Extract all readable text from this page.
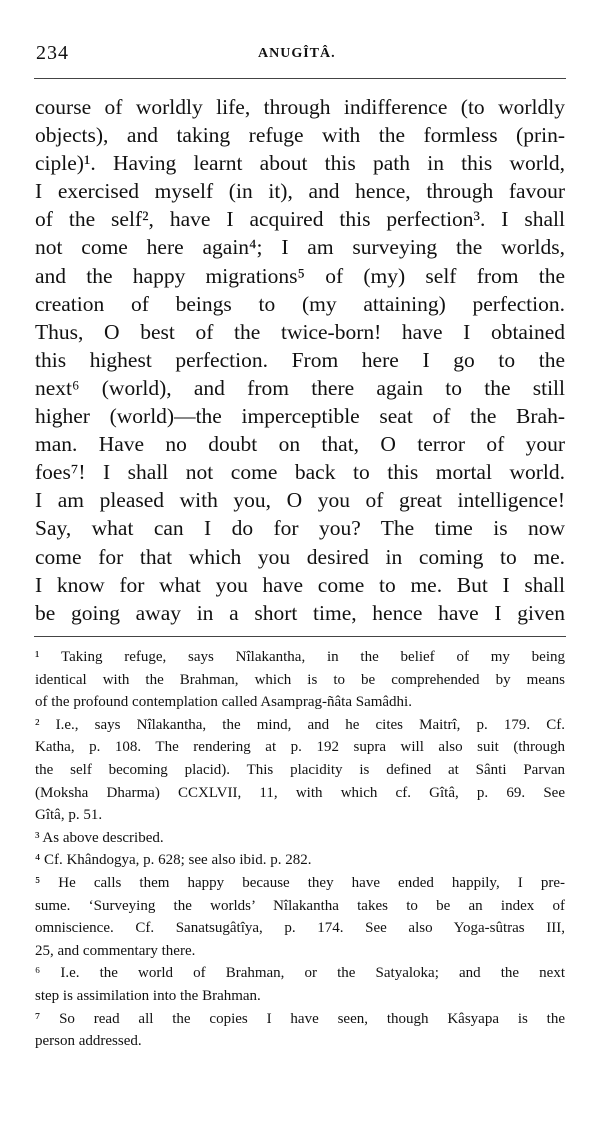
234	ANUGÎTÂ.
course of worldly life, through indifference (to worldly
objects), and taking refuge with the formless (prin-
ciple)¹. Having learnt about this path in this world,
I exercised myself (in it), and hence, through favour
of the self², have I acquired this perfection³. I shall
not come here again⁴; I am surveying the worlds,
and the happy migrations⁵ of (my) self from the
creation of beings to (my attaining) perfection.
Thus, O best of the twice-born! have I obtained
this highest perfection. From here I go to the
next⁶ (world), and from there again to the still
higher (world)—the imperceptible seat of the Brah-
man. Have no doubt on that, O terror of your
foes⁷! I shall not come back to this mortal world.
I am pleased with you, O you of great intelligence!
Say, what can I do for you? The time is now
come for that which you desired in coming to me.
I know for what you have come to me. But I shall
be going away in a short time, hence have I given
¹ Taking refuge, says Nîlakantha, in the belief of my being
identical with the Brahman, which is to be comprehended by means
of the profound contemplation called Asamprag-ñâta Samâdhi.
² I.e., says Nîlakantha, the mind, and he cites Maitrî, p. 179. Cf.
Katha, p. 108. The rendering at p. 192 supra will also suit (through
the self becoming placid). This placidity is defined at Sânti Parvan
(Moksha Dharma) CCXLVII, 11, with which cf. Gîtâ, p. 69. See
Gîtâ, p. 51.
³ As above described.
⁴ Cf. Khândogya, p. 628; see also ibid. p. 282.
⁵ He calls them happy because they have ended happily, I pre-
sume. ‘Surveying the worlds’ Nîlakantha takes to be an index of
omniscience. Cf. Sanatsugâtîya, p. 174. See also Yoga-sûtras III,
25, and commentary there.
⁶ I.e. the world of Brahman, or the Satyaloka; and the next
step is assimilation into the Brahman.
⁷ So read all the copies I have seen, though Kâsyapa is the
person addressed.
